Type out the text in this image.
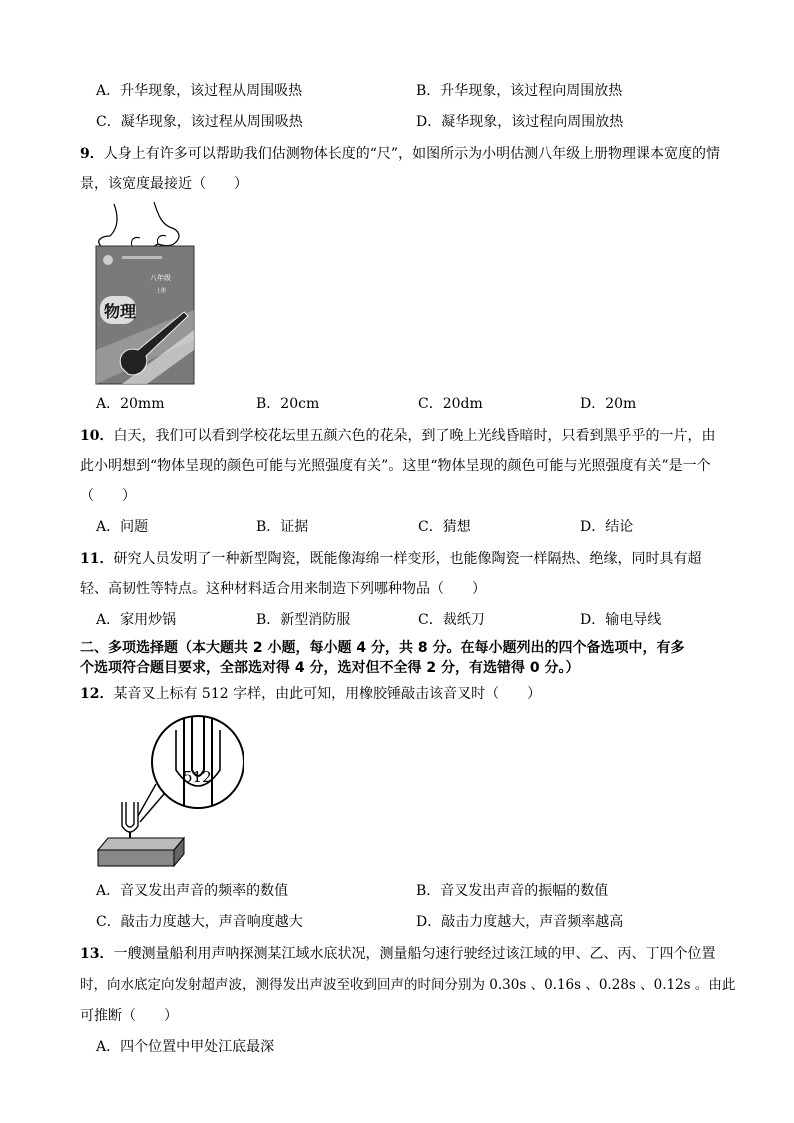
A．升华现象，该过程从周围吸热	B．升华现象，该过程向周围放热
C．凝华现象，该过程从周围吸热	D．凝华现象，该过程向周围放热
9．人身上有许多可以帮助我们估测物体长度的“尺”，如图所示为小明估测八年级上册物理课本宽度的情
景，该宽度最接近（　　）
八年级
上册
物理
A．20mm	B．20cm	C．20dm	D．20m
10．白天，我们可以看到学校花坛里五颜六色的花朵，到了晚上光线昏暗时，只看到黑乎乎的一片，由
此小明想到“物体呈现的颜色可能与光照强度有关”。这里“物体呈现的颜色可能与光照强度有关”是一个
（　　）
A．问题	B．证据	C．猜想	D．结论
11．研究人员发明了一种新型陶瓷，既能像海绵一样变形，也能像陶瓷一样隔热、绝缘，同时具有超
轻、高韧性等特点。这种材料适合用来制造下列哪种物品（　　）
A．家用炒锅	B．新型消防服	C．裁纸刀	D．输电导线
二、多项选择题（本大题共 2 小题，每小题 4 分，共 8 分。在每小题列出的四个备选项中，有多
个选项符合题目要求，全部选对得 4 分，选对但不全得 2 分，有选错得 0 分。）
12．某音叉上标有 512 字样，由此可知，用橡胶锤敲击该音叉时（　　）
512
A．音叉发出声音的频率的数值	B．音叉发出声音的振幅的数值
C．敲击力度越大，声音响度越大	D．敲击力度越大，声音频率越高
13．一艘测量船利用声呐探测某江域水底状况，测量船匀速行驶经过该江域的甲、乙、丙、丁四个位置
时，向水底定向发射超声波，测得发出声波至收到回声的时间分别为 0.30s 、0.16s 、0.28s 、0.12s 。由此
可推断（　　）
A．四个位置中甲处江底最深
